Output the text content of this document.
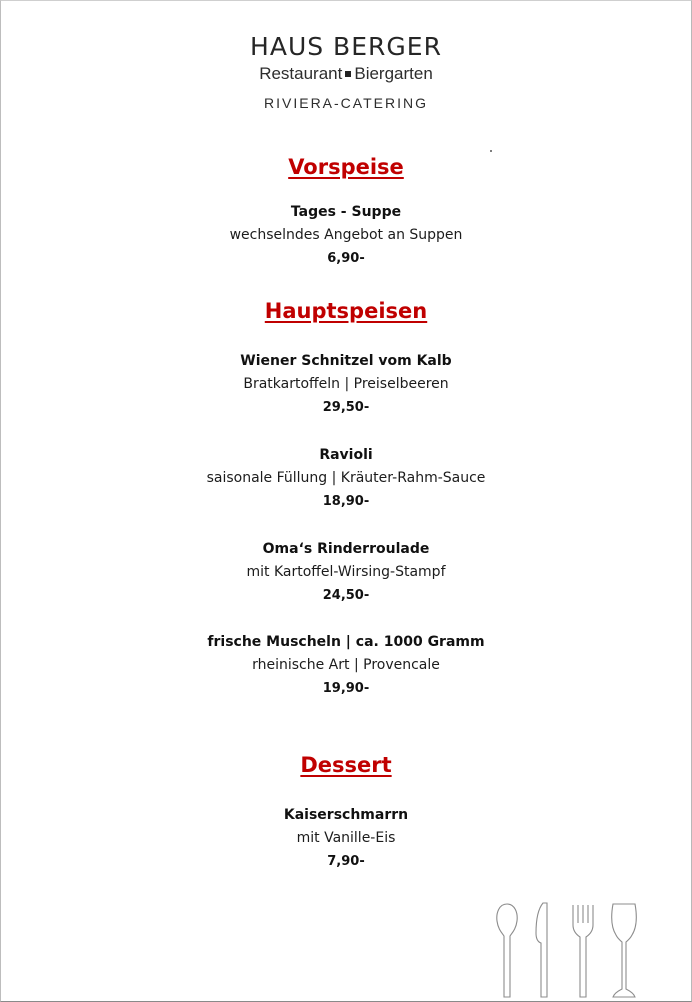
HAUS BERGER
Restaurant Biergarten
RIVIERA-CATERING
Vorspeise
Tages - Suppe
wechselndes Angebot an Suppen
6,90-
Hauptspeisen
Wiener Schnitzel vom Kalb
Bratkartoffeln | Preiselbeeren
29,50-
Ravioli
saisonale Füllung | Kräuter-Rahm-Sauce
18,90-
Oma‘s Rinderroulade
mit Kartoffel-Wirsing-Stampf
24,50-
frische Muscheln | ca. 1000 Gramm
rheinische Art | Provencale
19,90-
Dessert
Kaiserschmarrn
mit Vanille-Eis
7,90-
